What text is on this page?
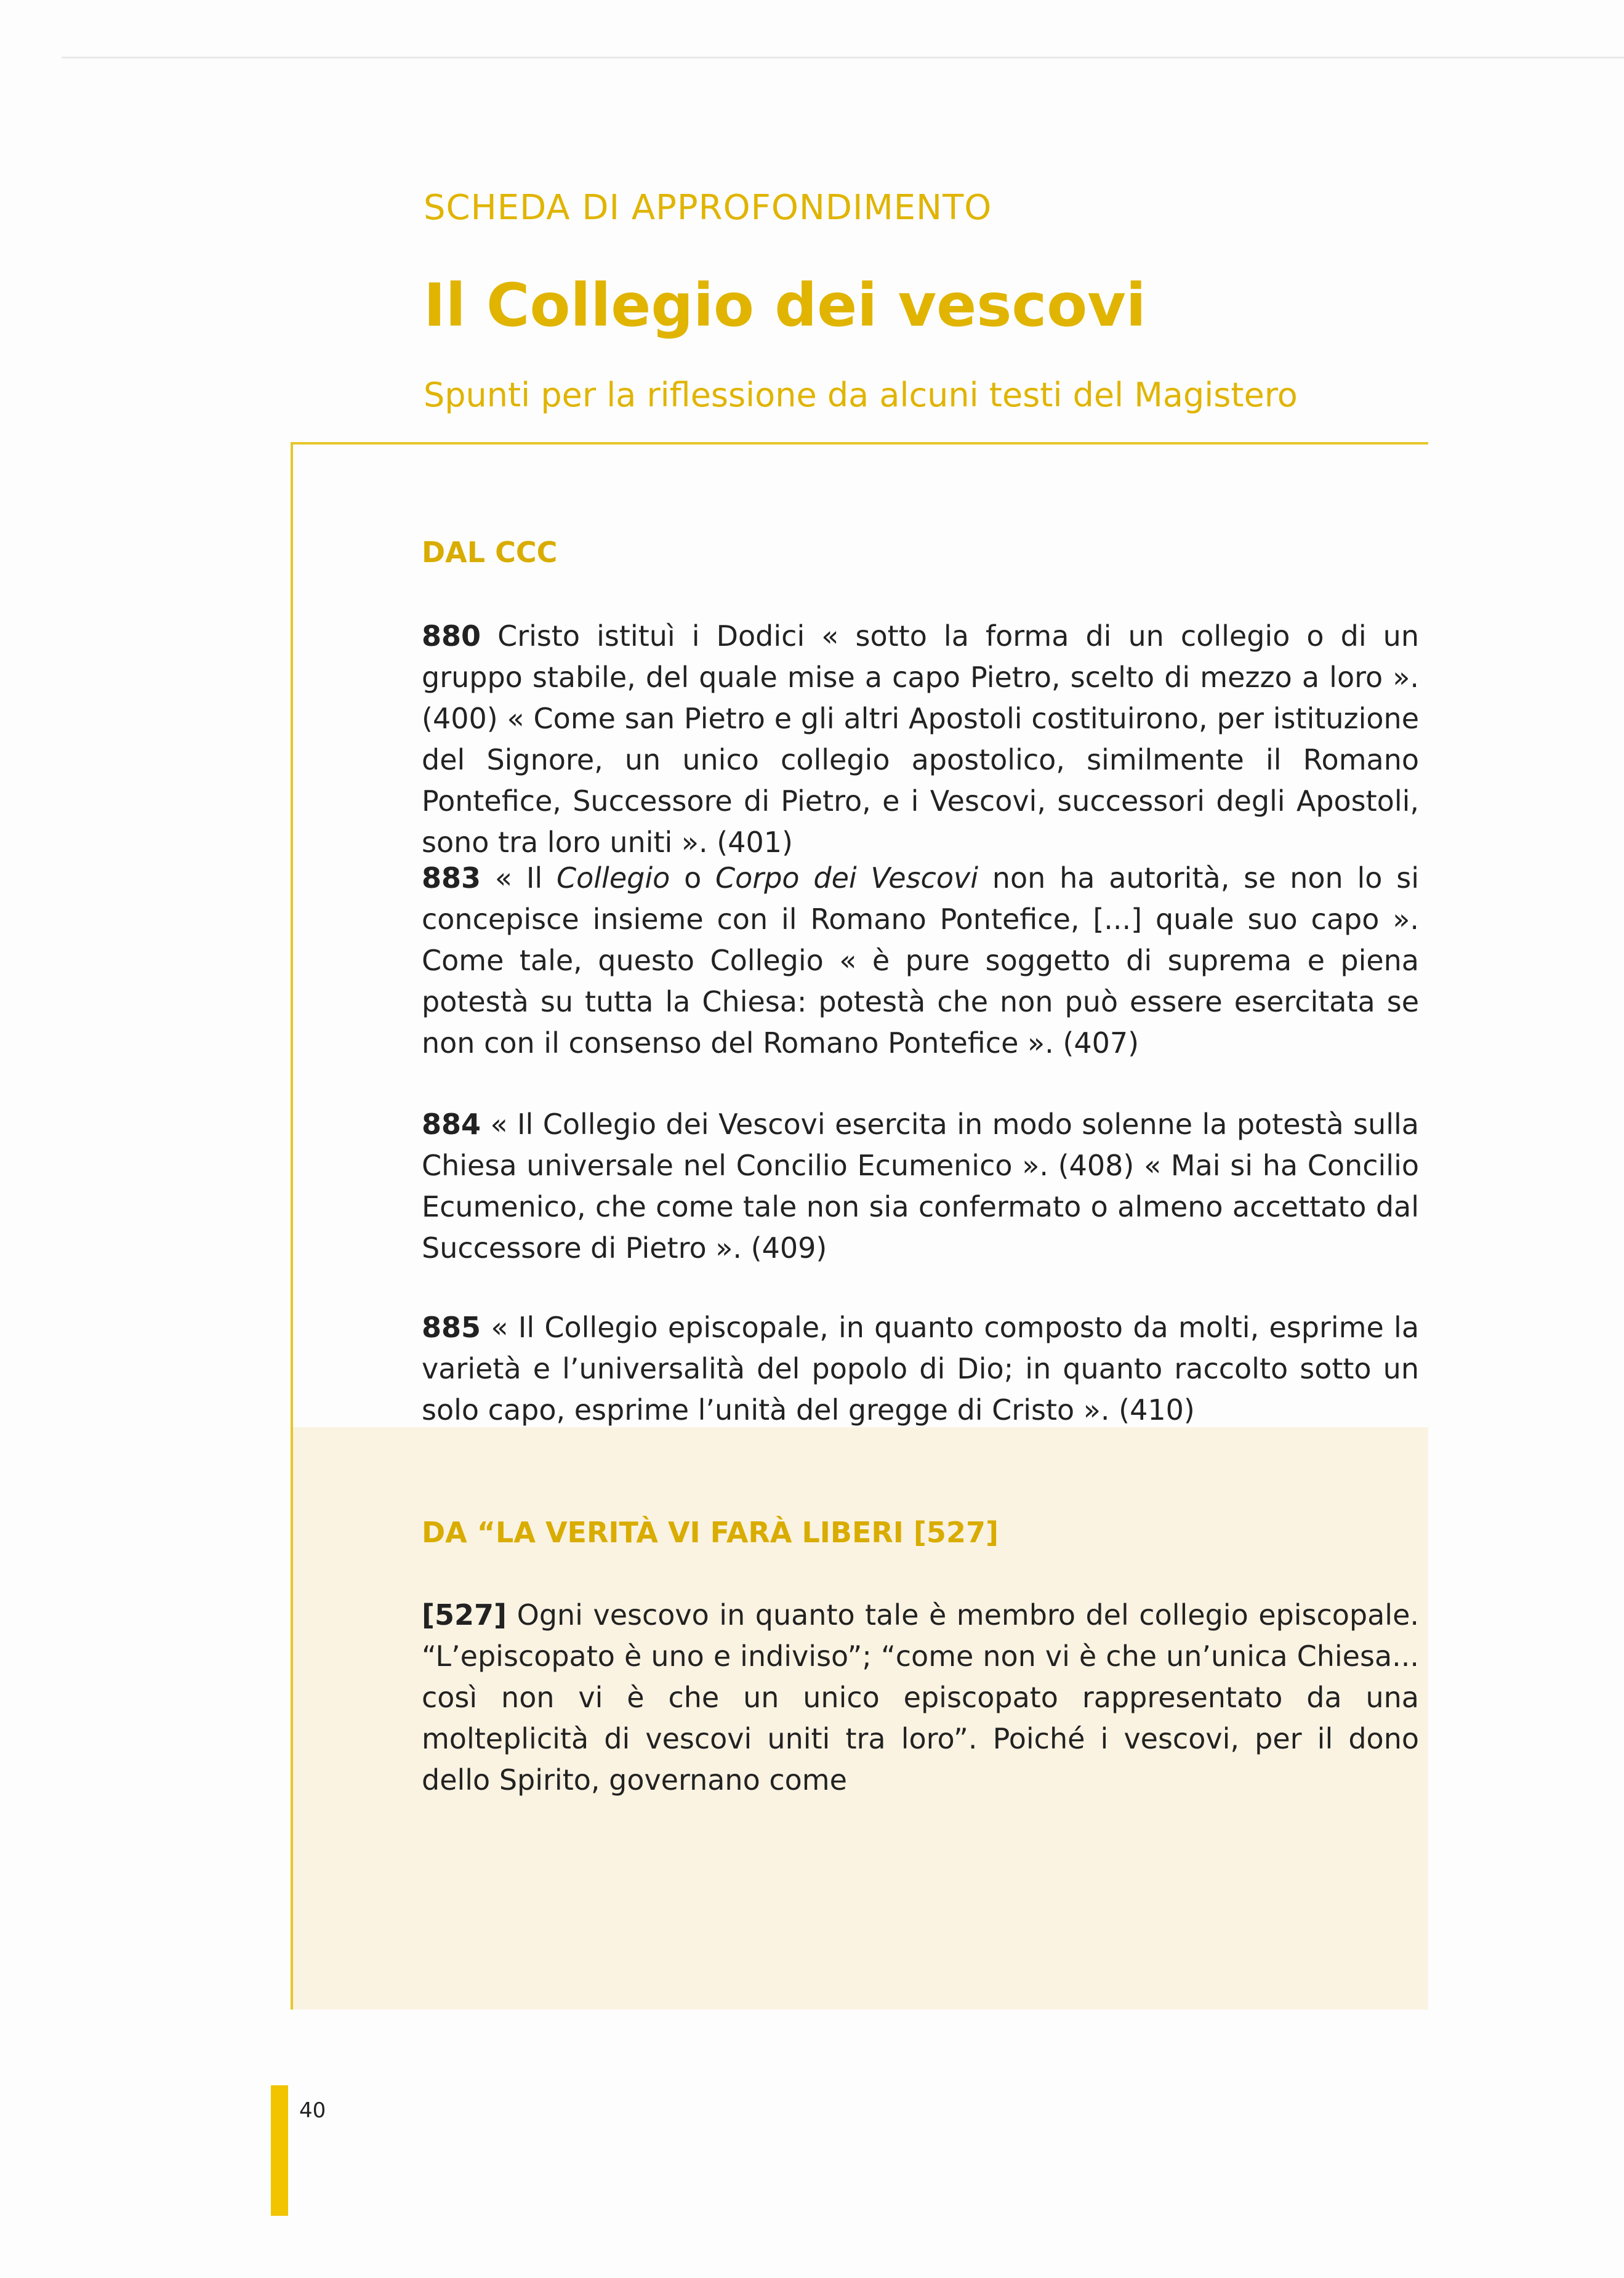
SCHEDA DI APPROFONDIMENTO
Il Collegio dei vescovi
Spunti per la riflessione da alcuni testi del Magistero
DAL CCC
880 Cristo istituì i Dodici « sotto la forma di un collegio o di un gruppo stabile, del quale mise a capo Pietro, scelto di mezzo a loro ». (400) « Come san Pietro e gli altri Apostoli costituirono, per istituzione del Signore, un unico collegio apostolico, similmente il Romano Pontefice, Successore di Pietro, e i Vescovi, successori degli Apostoli, sono tra loro uniti ». (401)
883 « Il Collegio o Corpo dei Vescovi non ha autorità, se non lo si concepisce insieme con il Romano Pontefice, [...] quale suo capo ». Come tale, questo Collegio « è pure soggetto di suprema e piena potestà su tutta la Chiesa: potestà che non può essere esercitata se non con il consenso del Romano Pontefice ». (407)
884 « Il Collegio dei Vescovi esercita in modo solenne la potestà sulla Chiesa universale nel Concilio Ecumenico ». (408) « Mai si ha Concilio Ecumenico, che come tale non sia confermato o almeno accettato dal Successore di Pietro ». (409)
885 « Il Collegio episcopale, in quanto composto da molti, esprime la varietà e l’universalità del popolo di Dio; in quanto raccolto sotto un solo capo, esprime l’unità del gregge di Cristo ». (410)
DA “LA VERITÀ VI FARÀ LIBERI [527]
[527] Ogni vescovo in quanto tale è membro del collegio episcopale. “L’episcopato è uno e indiviso”; “come non vi è che un’unica Chiesa... così non vi è che un unico episcopato rappresentato da una molteplicità di vescovi uniti tra loro”. Poiché i vescovi, per il dono dello Spirito, governano come
40
